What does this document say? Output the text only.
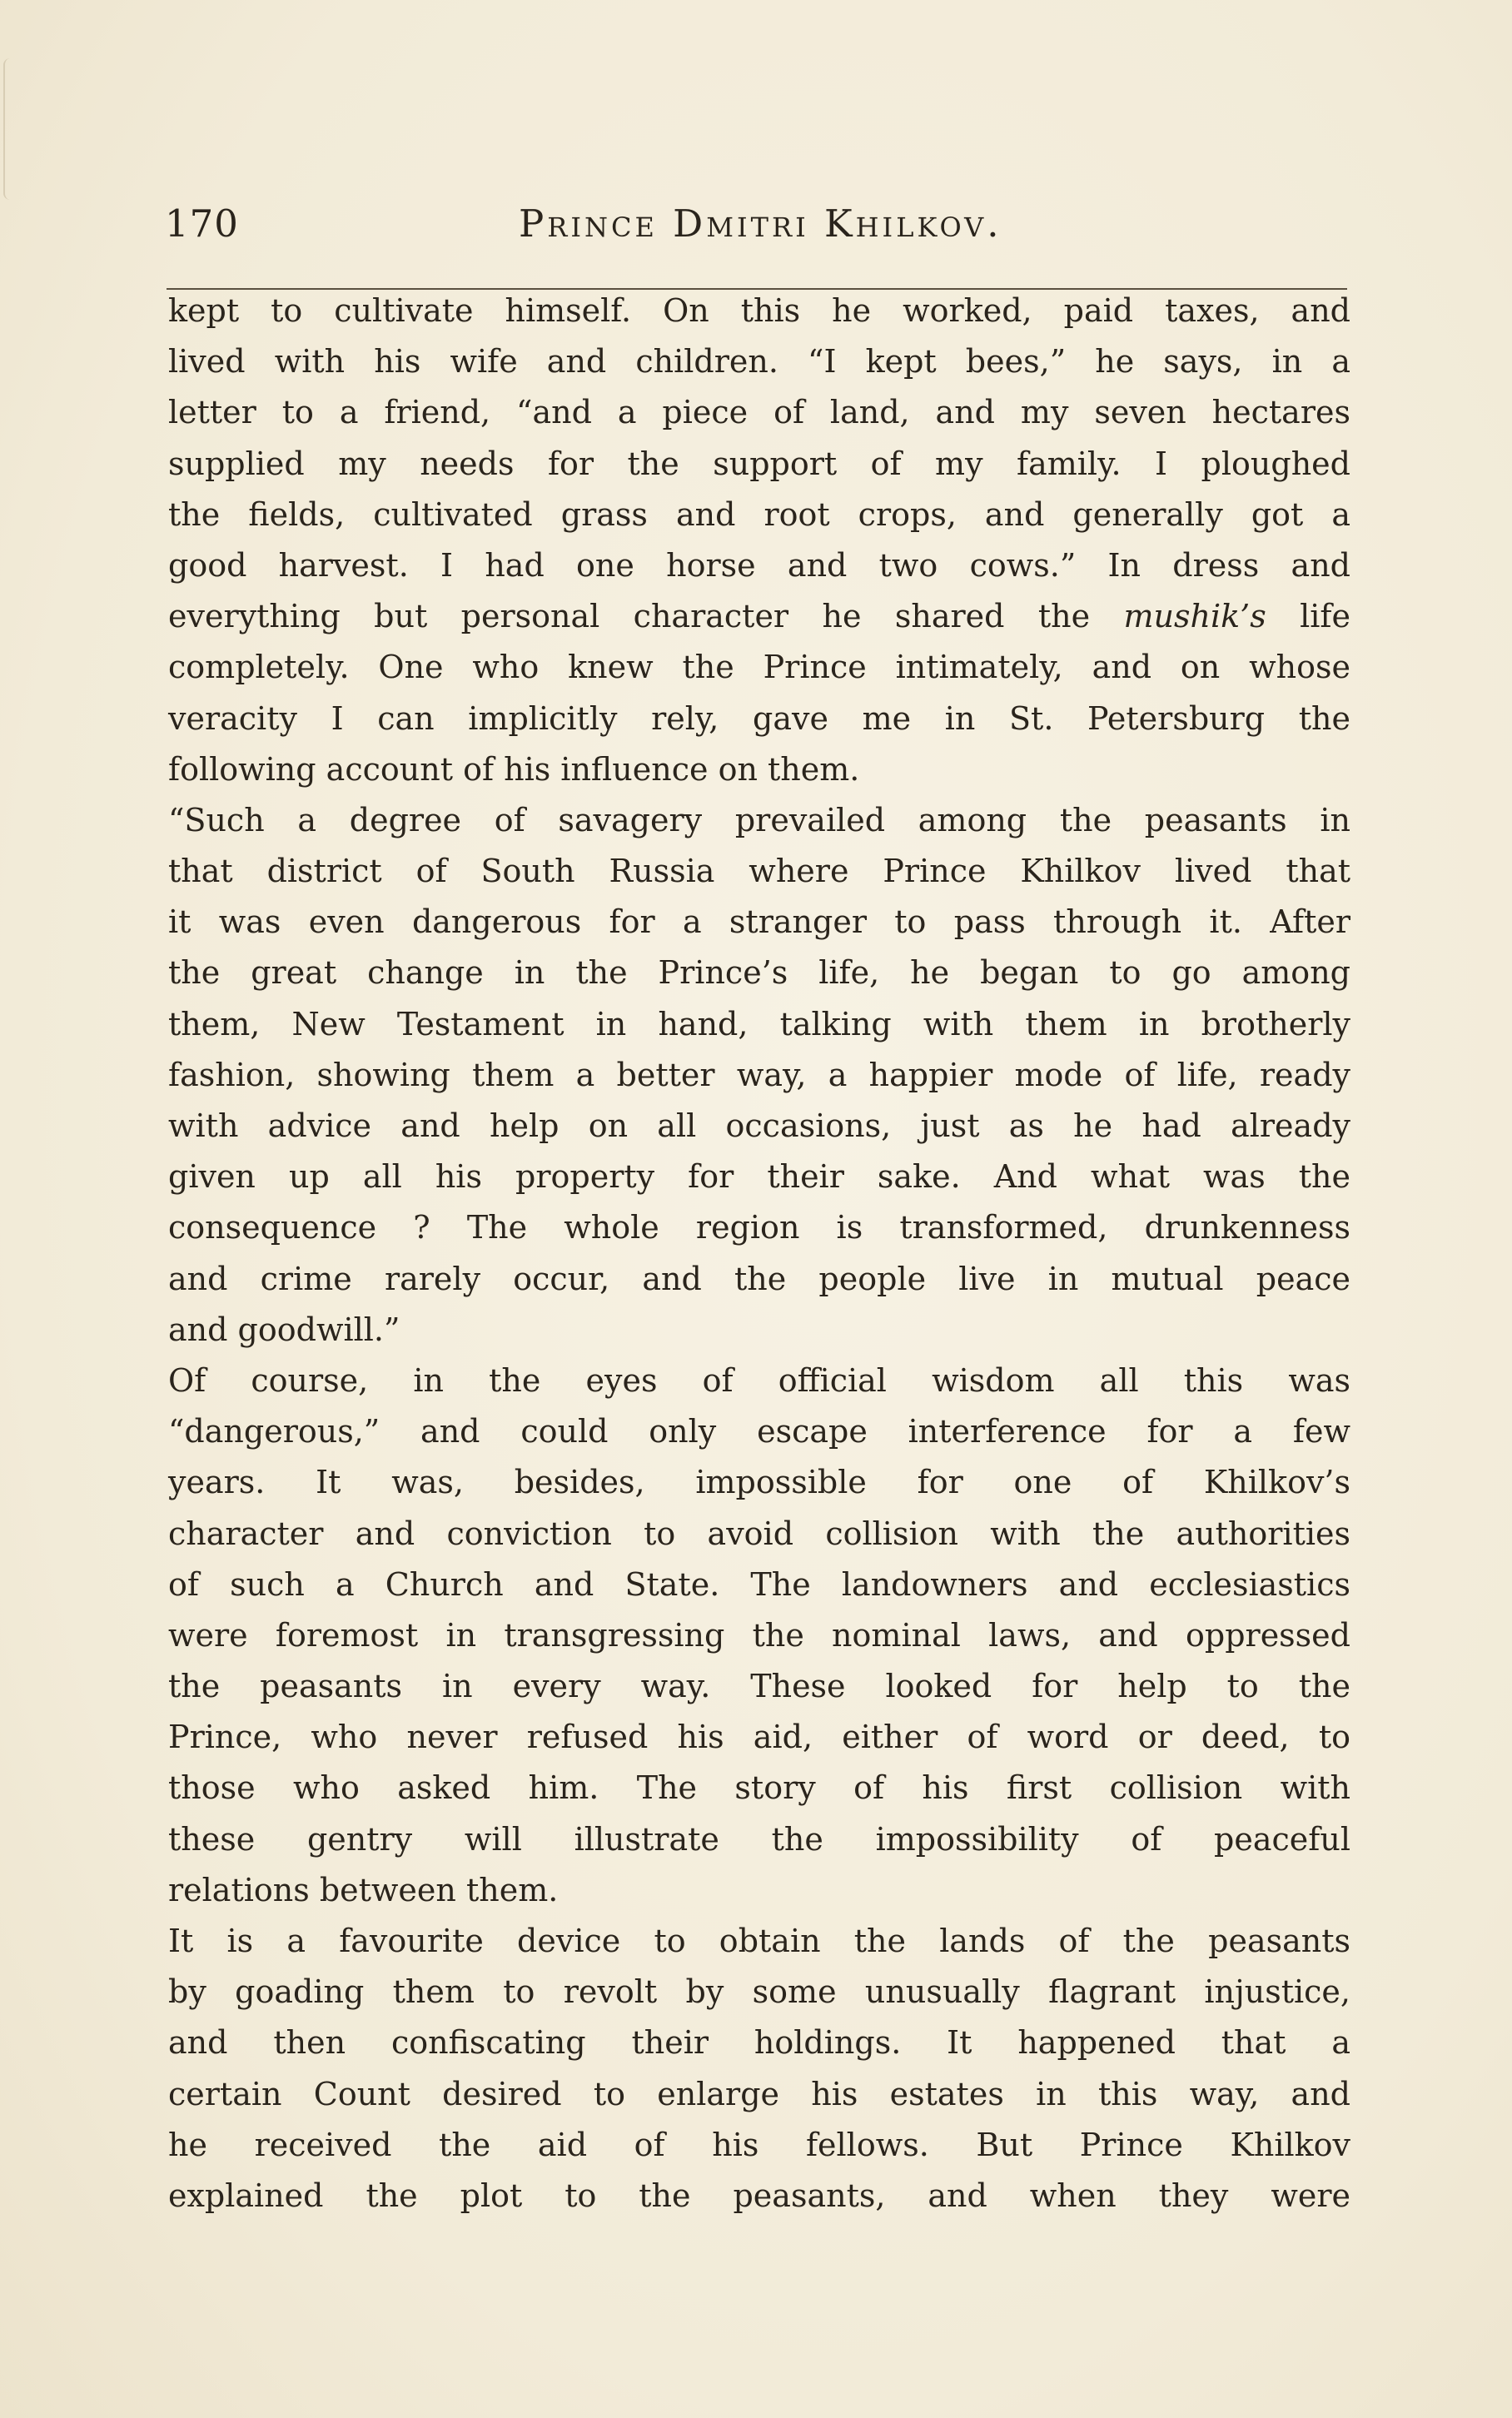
170	Prince Dmitri Khilkov.
kept to cultivate himself. On this he worked, paid taxes, and
lived with his wife and children. “I kept bees,” he says, in a
letter to a friend, “and a piece of land, and my seven hectares
supplied my needs for the support of my family. I ploughed
the fields, cultivated grass and root crops, and generally got a
good harvest. I had one horse and two cows.” In dress and
everything but personal character he shared the mushik’s life
completely. One who knew the Prince intimately, and on whose
veracity I can implicitly rely, gave me in St. Petersburg the
following account of his influence on them.
“Such a degree of savagery prevailed among the peasants in
that district of South Russia where Prince Khilkov lived that
it was even dangerous for a stranger to pass through it. After
the great change in the Prince’s life, he began to go among
them, New Testament in hand, talking with them in brotherly
fashion, showing them a better way, a happier mode of life, ready
with advice and help on all occasions, just as he had already
given up all his property for their sake. And what was the
consequence ? The whole region is transformed, drunkenness
and crime rarely occur, and the people live in mutual peace
and goodwill.”
Of course, in the eyes of official wisdom all this was
“dangerous,” and could only escape interference for a few
years. It was, besides, impossible for one of Khilkov’s
character and conviction to avoid collision with the authorities
of such a Church and State. The landowners and ecclesiastics
were foremost in transgressing the nominal laws, and oppressed
the peasants in every way. These looked for help to the
Prince, who never refused his aid, either of word or deed, to
those who asked him. The story of his first collision with
these gentry will illustrate the impossibility of peaceful
relations between them.
It is a favourite device to obtain the lands of the peasants
by goading them to revolt by some unusually flagrant injustice,
and then confiscating their holdings. It happened that a
certain Count desired to enlarge his estates in this way, and
he received the aid of his fellows. But Prince Khilkov
explained the plot to the peasants, and when they were
